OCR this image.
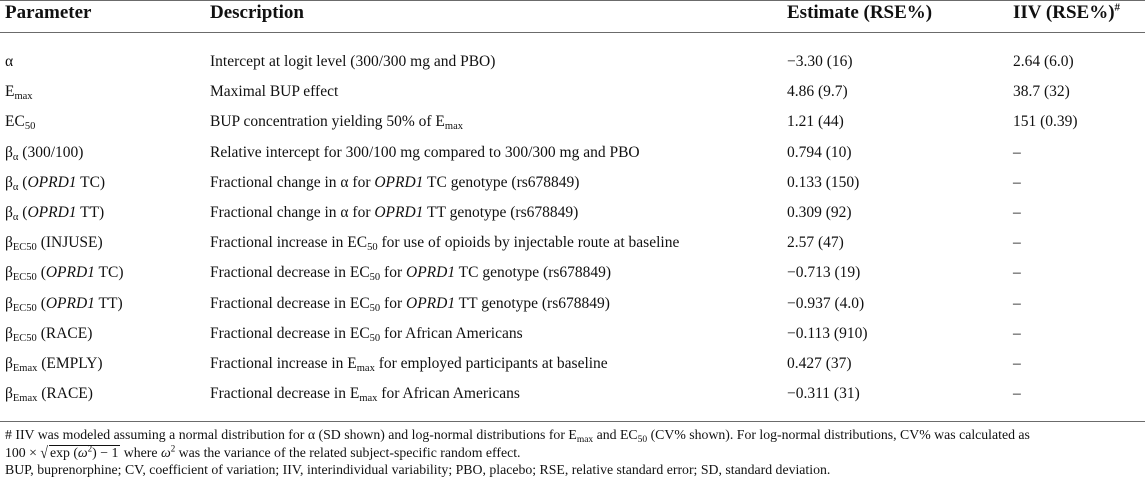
Parameter	Description	Estimate (RSE%)	IIV (RSE%)#
α	Intercept at logit level (300/300 mg and PBO)	−3.30 (16)	2.64 (6.0)
$E_{max}$	Maximal BUP effect	4.86 (9.7)	38.7 (32)
$EC_{50}$	BUP concentration yielding 50% of $E_{max}$	1.21 (44)	151 (0.39)
$\beta_\alpha$ (300/100)	Relative intercept for 300/100 mg compared to 300/300 mg and PBO	0.794 (10)	–
$\beta_\alpha$ (OPRD1 TC)	Fractional change in α for OPRD1 TC genotype (rs678849)	0.133 (150)	–
$\beta_\alpha$ (OPRD1 TT)	Fractional change in α for OPRD1 TT genotype (rs678849)	0.309 (92)	–
$\beta_{EC50}$ (INJUSE)	Fractional increase in $EC_{50}$ for use of opioids by injectable route at baseline	2.57 (47)	–
$\beta_{EC50}$ (OPRD1 TC)	Fractional decrease in $EC_{50}$ for OPRD1 TC genotype (rs678849)	−0.713 (19)	–
$\beta_{EC50}$ (OPRD1 TT)	Fractional decrease in $EC_{50}$ for OPRD1 TT genotype (rs678849)	−0.937 (4.0)	–
$\beta_{EC50}$ (RACE)	Fractional decrease in $EC_{50}$ for African Americans	−0.113 (910)	–
$\beta_{Emax}$ (EMPLY)	Fractional increase in $E_{max}$ for employed participants at baseline	0.427 (37)	–
$\beta_{Emax}$ (RACE)	Fractional decrease in $E_{max}$ for African Americans	−0.311 (31)	–
# IIV was modeled assuming a normal distribution for α (SD shown) and log-normal distributions for $E_{max}$ and $EC_{50}$ (CV% shown). For log-normal distributions, CV% was calculated as
100 × √ $\exp (\omega^2) - 1$ where $\omega^2$ was the variance of the related subject-specific random effect.
BUP, buprenorphine; CV, coefficient of variation; IIV, interindividual variability; PBO, placebo; RSE, relative standard error; SD, standard deviation.
